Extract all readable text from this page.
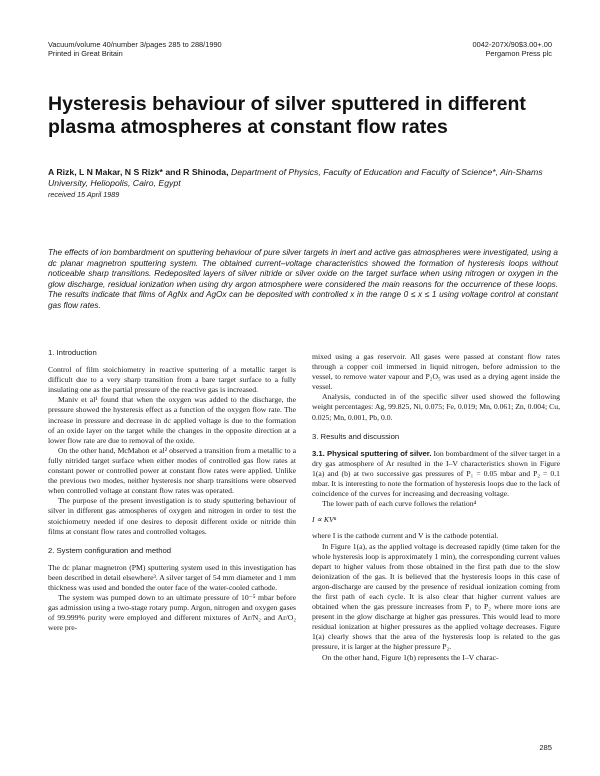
Vacuum/volume 40/number 3/pages 285 to 288/1990
Printed in Great Britain
0042-207X/90$3.00+.00
Pergamon Press plc
Hysteresis behaviour of silver sputtered in different plasma atmospheres at constant flow rates
A Rizk, L N Makar, N S Rizk* and R Shinoda, Department of Physics, Faculty of Education and Faculty of Science*, Ain-Shams University, Heliopolis, Cairo, Egypt
received 15 April 1989
The effects of ion bombardment on sputtering behaviour of pure silver targets in inert and active gas atmospheres were investigated, using a dc planar magnetron sputtering system. The obtained current–voltage characteristics showed the formation of hysteresis loops without noticeable sharp transitions. Redeposited layers of silver nitride or silver oxide on the target surface when using nitrogen or oxygen in the glow discharge, residual ionization when using dry argon atmosphere were considered the main reasons for the occurrence of these loops. The results indicate that films of AgNx and AgOx can be deposited with controlled x in the range 0 ≤ x ≤ 1 using voltage control at constant gas flow rates.
1. Introduction

Control of film stoichiometry in reactive sputtering of a metallic target is difficult due to a very sharp transition from a bare target surface to a fully insulating one as the partial pressure of the reactive gas is increased.

Maniv et al¹ found that when the oxygen was added to the discharge, the pressure showed the hysteresis effect as a function of the oxygen flow rate. The increase in pressure and decrease in dc applied voltage is due to the formation of an oxide layer on the target while the changes in the opposite direction at a lower flow rate are due to removal of the oxide.

On the other hand, McMahon et al² observed a transition from a metallic to a fully nitrided target surface when either modes of controlled gas flow rates at constant power or controlled power at constant flow rates were applied. Unlike the previous two modes, neither hysteresis nor sharp transitions were observed when controlled voltage at constant flow rates was operated.

The purpose of the present investigation is to study sputtering behaviour of silver in different gas atmospheres of oxygen and nitrogen in order to test the stoichiometry needed if one desires to deposit different oxide or nitride thin films at constant flow rates and controlled voltages.

2. System configuration and method

The dc planar magnetron (PM) sputtering system used in this investigation has been described in detail elsewhere³. A silver target of 54 mm diameter and 1 mm thickness was used and bonded the outer face of the water-cooled cathode.

The system was pumped down to an ultimate pressure of 10⁻⁵ mbar before gas admission using a two-stage rotary pump. Argon, nitrogen and oxygen gases of 99.999% purity were employed and different mixtures of Ar/N₂ and Ar/O₂ were pre-

mixed using a gas reservoir. All gases were passed at constant flow rates through a copper coil immersed in liquid nitrogen, before admission to the vessel, to remove water vapour and P₂O₅ was used as a drying agent inside the vessel.

Analysis, conducted in of the specific silver used showed the following weight percentages: Ag, 99.825, Ni, 0.075; Fe, 0.019; Mn, 0.061; Zn, 0.004; Cu, 0.025; Mn, 0.001, Pb, 0.0.

3. Results and discussion

3.1. Physical sputtering of silver. Ion bombardment of the silver target in a dry gas atmosphere of Ar resulted in the I–V characteristics shown in Figure 1(a) and (b) at two successive gas pressures of P₁ = 0.05 mbar and P₂ = 0.1 mbar. It is interesting to note the formation of hysteresis loops due to the lack of coincidence of the curves for increasing and decreasing voltage.

The lower path of each curve follows the relation⁴

I ∝ KVⁿ

where I is the cathode current and V is the cathode potential.

In Figure 1(a), as the applied voltage is decreased rapidly (time taken for the whole hysteresis loop is approximately 1 min), the corresponding current values depart to higher values from those obtained in the first path due to the slow deionization of the gas. It is believed that the hysteresis loops in this case of argon-discharge are caused by the presence of residual ionization coming from the first path of each cycle. It is also clear that higher current values are obtained when the gas pressure increases from P₁ to P₂ where more ions are present in the glow discharge at higher gas pressures. This would lead to more residual ionization at higher pressures as the applied voltage decreases. Figure 1(a) clearly shows that the area of the hysteresis loop is related to the gas pressure, it is larger at the higher pressure P₂.

On the other hand, Figure 1(b) represents the I–V charac-

285
